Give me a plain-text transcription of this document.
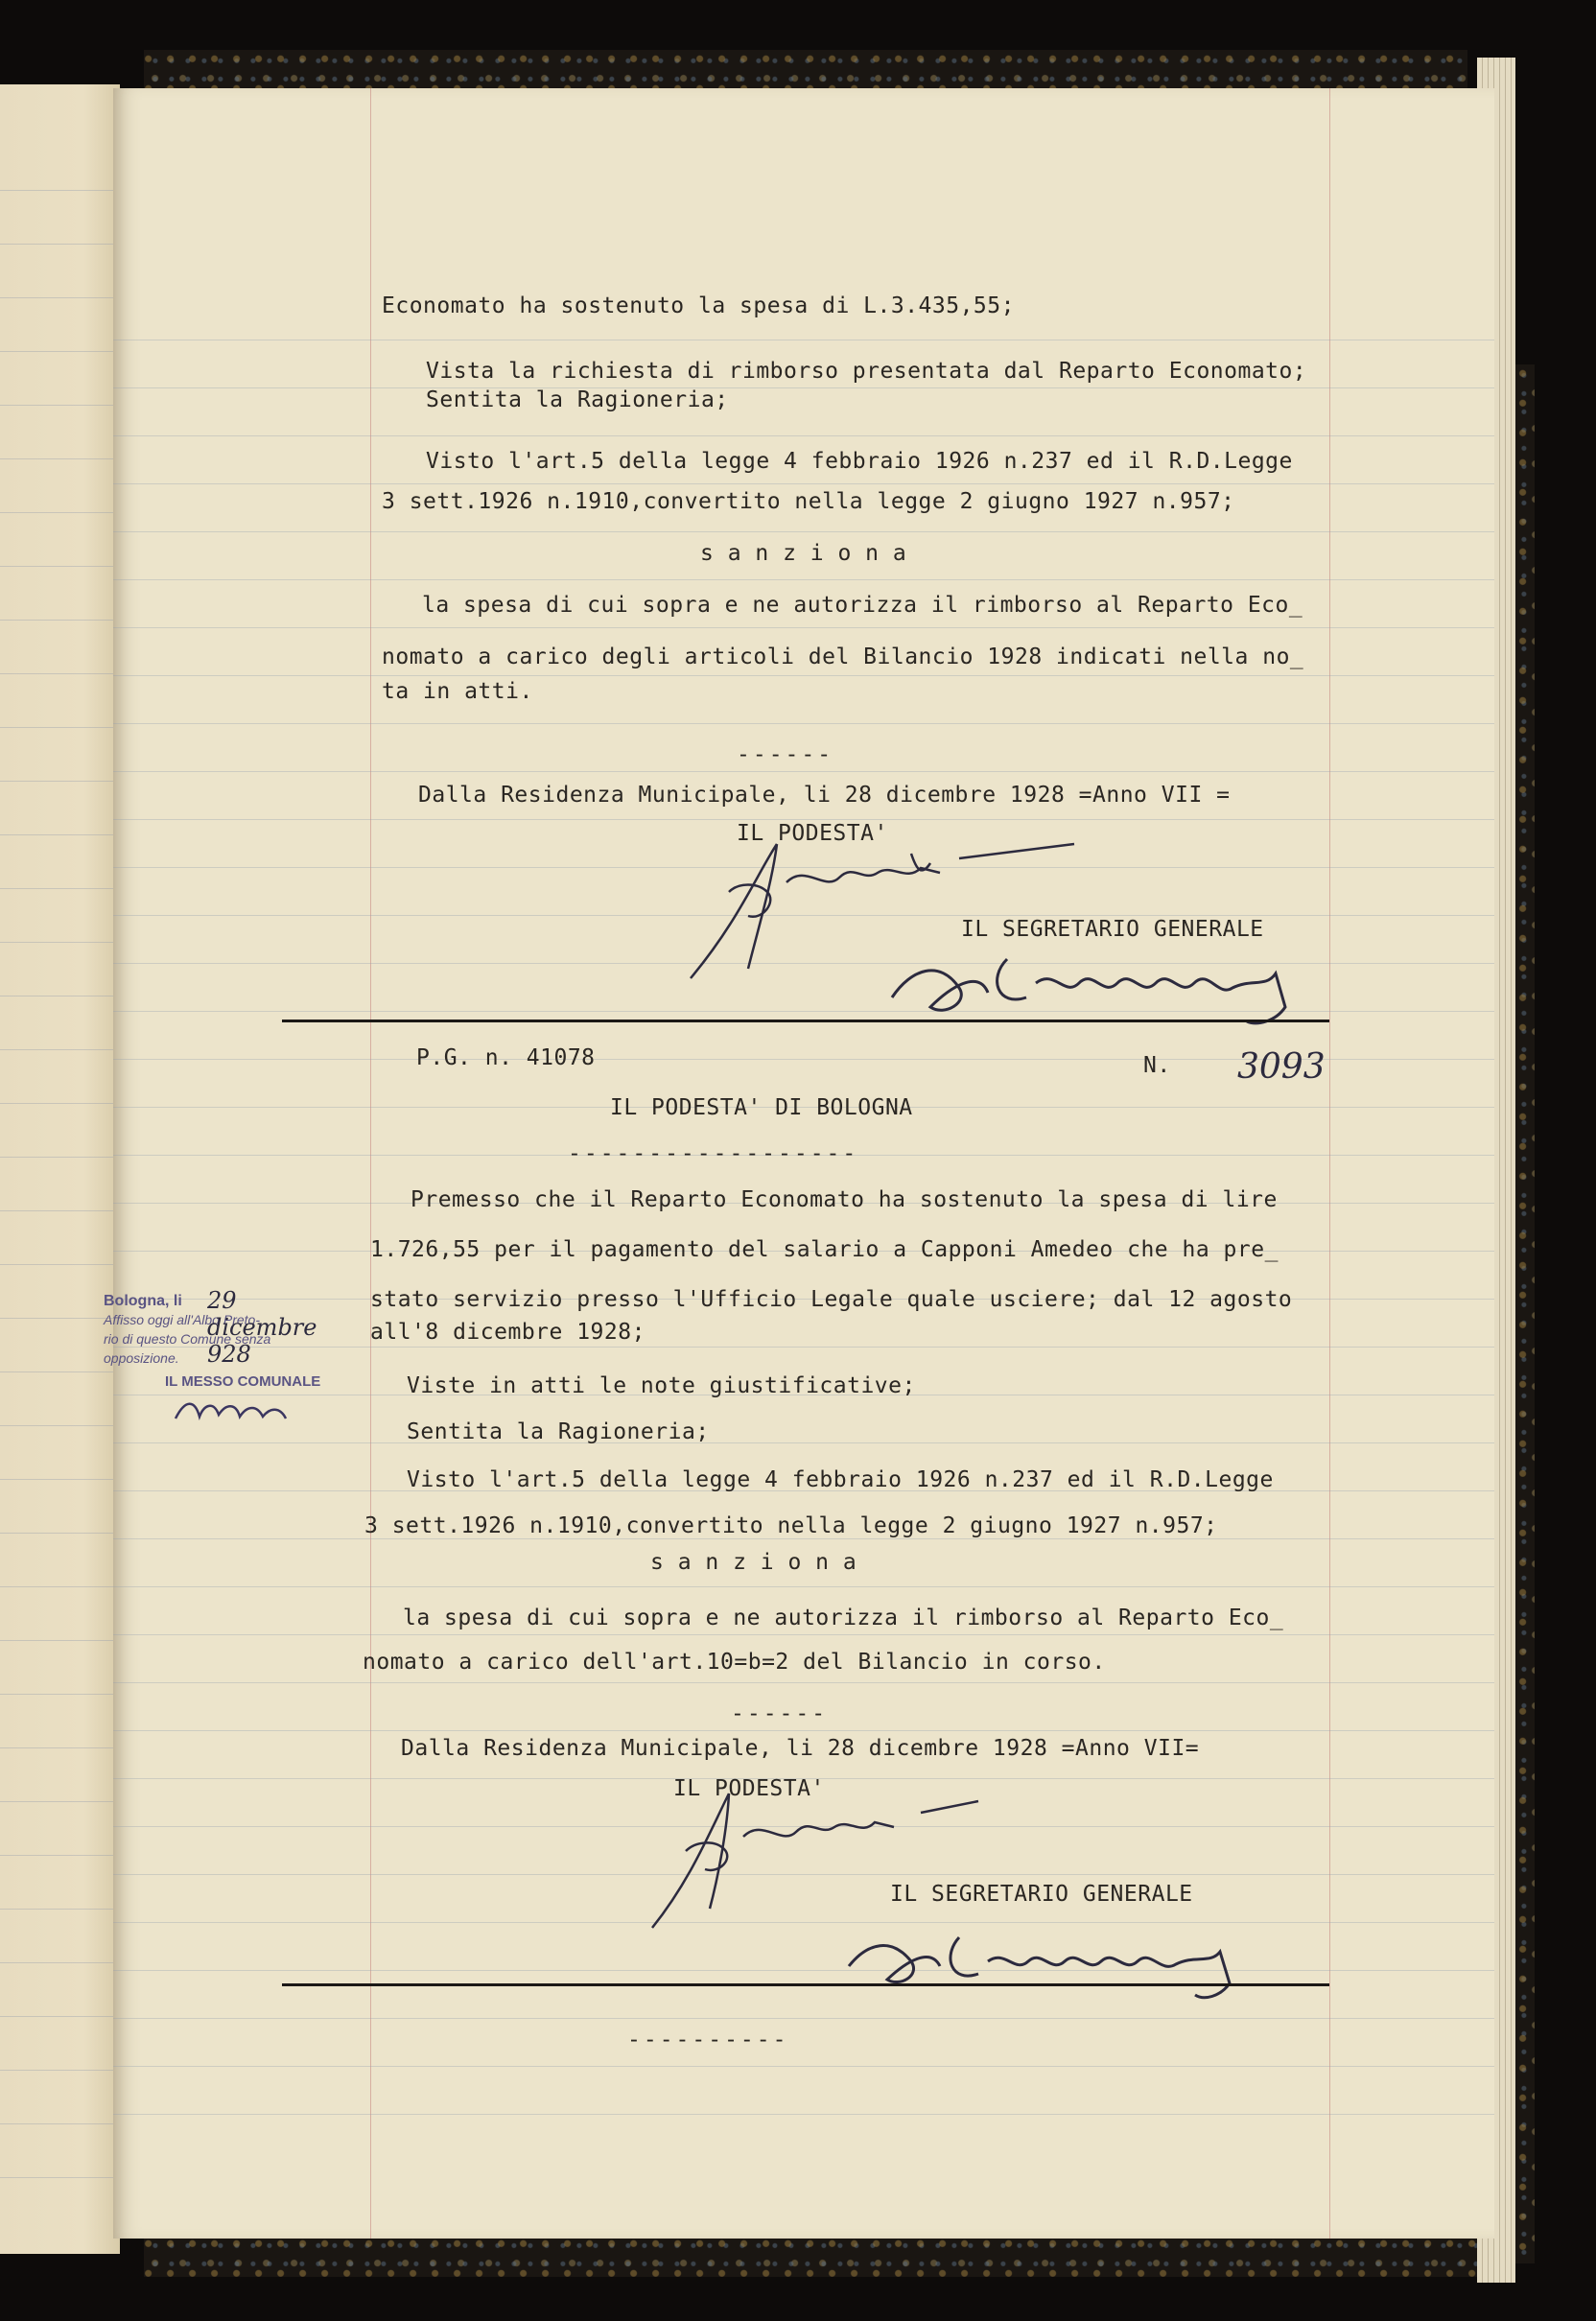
Economato ha sostenuto la spesa di L.3.435,55;
Vista la richiesta di rimborso presentata dal Reparto Economato;
Sentita la Ragioneria;
Visto l'art.5 della legge 4 febbraio 1926 n.237 ed il R.D.Legge
3 sett.1926 n.1910,convertito nella legge 2 giugno 1927 n.957;
s a n z i o n a
la spesa di cui sopra e ne autorizza il rimborso al Reparto Eco_
nomato a carico degli articoli del Bilancio 1928 indicati nella no_
ta in atti.
------
Dalla Residenza Municipale, li 28 dicembre 1928 =Anno VII =
IL PODESTA'
IL SEGRETARIO GENERALE
P.G. n. 41078	N. 3093
IL PODESTA' DI BOLOGNA
------------------
Premesso che il Reparto Economato ha sostenuto la spesa di lire
1.726,55 per il pagamento del salario a Capponi Amedeo che ha pre_
stato servizio presso l'Ufficio Legale quale usciere; dal 12 agosto
all'8 dicembre 1928;
Viste in atti le note giustificative;
Sentita la Ragioneria;
Visto l'art.5 della legge 4 febbraio 1926 n.237 ed il R.D.Legge
3 sett.1926 n.1910,convertito nella legge 2 giugno 1927 n.957;
s a n z i o n a
la spesa di cui sopra e ne autorizza il rimborso al Reparto Eco_
nomato a carico dell'art.10=b=2 del Bilancio in corso.
------
Dalla Residenza Municipale, li 28 dicembre 1928 =Anno VII=
IL PODESTA'
IL SEGRETARIO GENERALE
----------
Bologna, li	29 dicembre 928
Affisso oggi all'Albo Preto-
rio di questo Comune senza
opposizione.
IL MESSO COMUNALE
